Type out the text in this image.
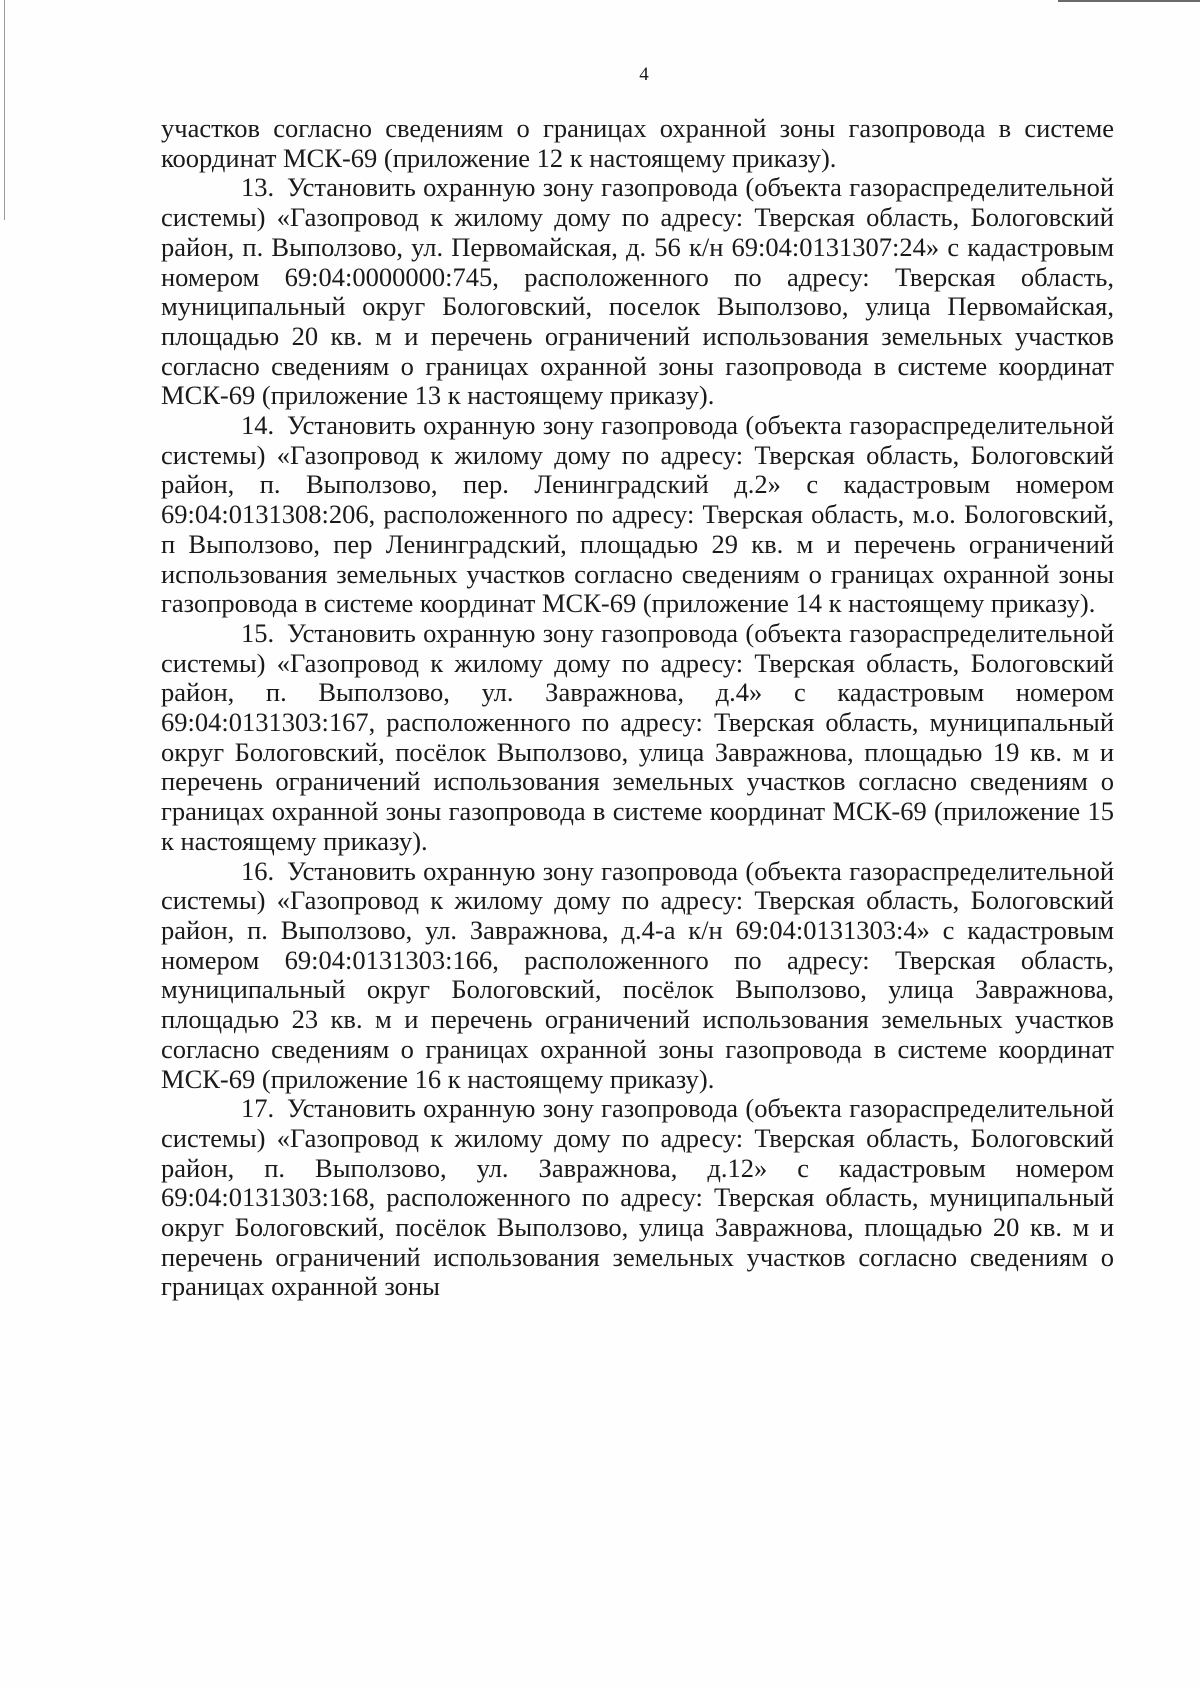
4

участков согласно сведениям о границах охранной зоны газопровода в системе координат МСК-69 (приложение 12 к настоящему приказу).

13. Установить охранную зону газопровода (объекта газораспределительной системы) «Газопровод к жилому дому по адресу: Тверская область, Бологовский район, п. Выползово, ул. Первомайская, д. 56 к/н 69:04:0131307:24» с кадастровым номером 69:04:0000000:745, расположенного по адресу: Тверская область, муниципальный округ Бологовский, поселок Выползово, улица Первомайская, площадью 20 кв. м и перечень ограничений использования земельных участков согласно сведениям о границах охранной зоны газопровода в системе координат МСК-69 (приложение 13 к настоящему приказу).

14. Установить охранную зону газопровода (объекта газораспределительной системы) «Газопровод к жилому дому по адресу: Тверская область, Бологовский район, п. Выползово, пер. Ленинградский д.2» с кадастровым номером 69:04:0131308:206, расположенного по адресу: Тверская область, м.о. Бологовский, п Выползово, пер Ленинградский, площадью 29 кв. м и перечень ограничений использования земельных участков согласно сведениям о границах охранной зоны газопровода в системе координат МСК-69 (приложение 14 к настоящему приказу).

15. Установить охранную зону газопровода (объекта газораспределительной системы) «Газопровод к жилому дому по адресу: Тверская область, Бологовский район, п. Выползово, ул. Завражнова, д.4» с кадастровым номером 69:04:0131303:167, расположенного по адресу: Тверская область, муниципальный округ Бологовский, посёлок Выползово, улица Завражнова, площадью 19 кв. м и перечень ограничений использования земельных участков согласно сведениям о границах охранной зоны газопровода в системе координат МСК-69 (приложение 15 к настоящему приказу).

16. Установить охранную зону газопровода (объекта газораспределительной системы) «Газопровод к жилому дому по адресу: Тверская область, Бологовский район, п. Выползово, ул. Завражнова, д.4-а к/н 69:04:0131303:4» с кадастровым номером 69:04:0131303:166, расположенного по адресу: Тверская область, муниципальный округ Бологовский, посёлок Выползово, улица Завражнова, площадью 23 кв. м и перечень ограничений использования земельных участков согласно сведениям о границах охранной зоны газопровода в системе координат МСК-69 (приложение 16 к настоящему приказу).

17. Установить охранную зону газопровода (объекта газораспределительной системы) «Газопровод к жилому дому по адресу: Тверская область, Бологовский район, п. Выползово, ул. Завражнова, д.12» с кадастровым номером 69:04:0131303:168, расположенного по адресу: Тверская область, муниципальный округ Бологовский, посёлок Выползово, улица Завражнова, площадью 20 кв. м и перечень ограничений использования земельных участков согласно сведениям о границах охранной зоны
